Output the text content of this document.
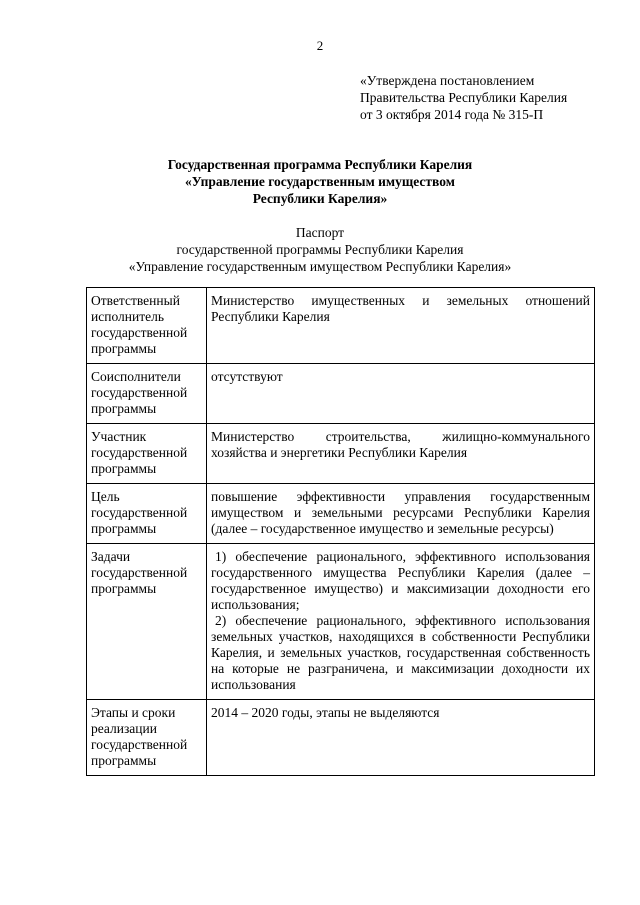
2
«Утверждена постановлением
Правительства Республики Карелия
от 3 октября 2014 года № 315-П
Государственная программа Республики Карелия
«Управление государственным имуществом
Республики Карелия»
Паспорт
государственной программы Республики Карелия
«Управление государственным имуществом Республики Карелия»
Ответственный исполнитель государственной программы	Министерство имущественных и земельных отношений Республики Карелия
Соисполнители государственной программы	отсутствуют
Участник государственной программы	Министерство строительства, жилищно-коммунального хозяйства и энергетики Республики Карелия
Цель государственной программы	повышение эффективности управления государственным имуществом и земельными ресурсами Республики Карелия (далее – государственное имущество и земельные ресурсы)
Задачи государственной программы	1) обеспечение рационального, эффективного использования государственного имущества Республики Карелия (далее – государственное имущество) и максимизации доходности его использования;

2) обеспечение рационального, эффективного использования земельных участков, находящихся в собственности Республики Карелия, и земельных участков, государственная собственность на которые не разграничена, и максимизации доходности их использования

Этапы и сроки реализации государственной программы	2014 – 2020 годы, этапы не выделяются
